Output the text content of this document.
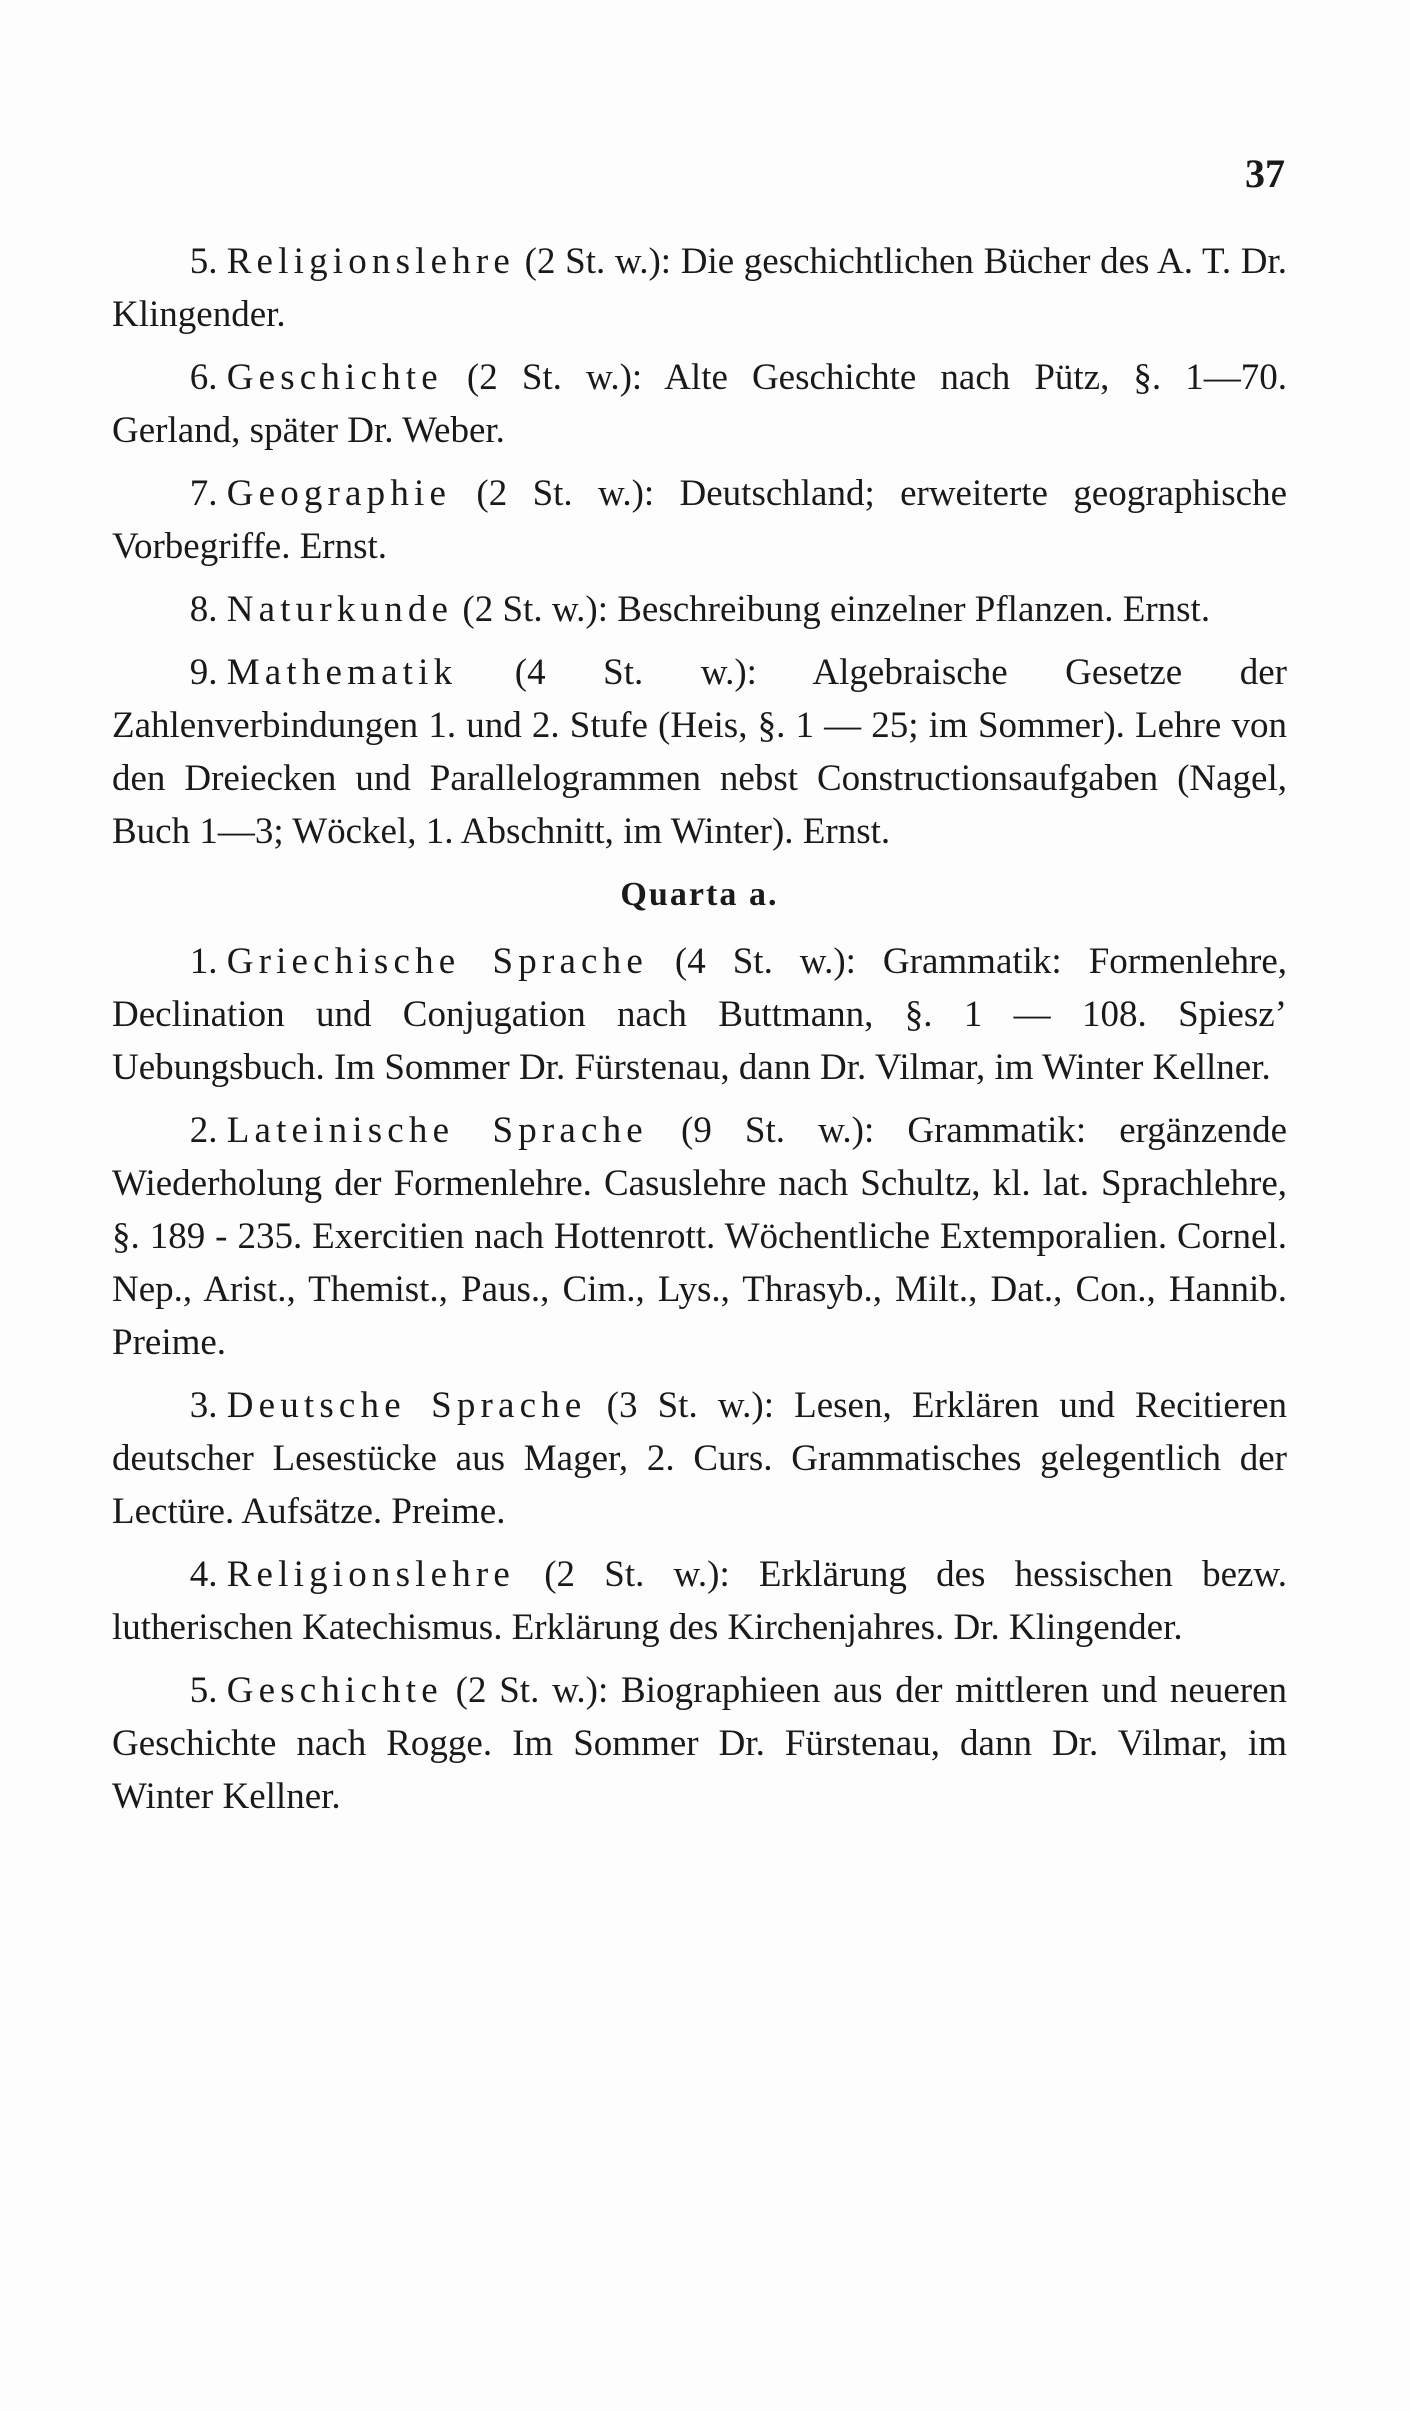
37

5. Religionslehre (2 St. w.): Die geschichtlichen Bücher des A. T. Dr. Klingender.

6. Geschichte (2 St. w.): Alte Geschichte nach Pütz, §. 1—70. Gerland, später Dr. Weber.

7. Geographie (2 St. w.): Deutschland; erweiterte geographische Vorbegriffe. Ernst.

8. Naturkunde (2 St. w.): Beschreibung einzelner Pflanzen. Ernst.

9. Mathematik (4 St. w.): Algebraische Gesetze der Zahlenverbindungen 1. und 2. Stufe (Heis, §. 1 — 25; im Sommer). Lehre von den Dreiecken und Parallelogrammen nebst Constructionsaufgaben (Nagel, Buch 1—3; Wöckel, 1. Abschnitt, im Winter). Ernst.

Quarta a.

1. Griechische Sprache (4 St. w.): Grammatik: Formenlehre, Declination und Conjugation nach Buttmann, §. 1 — 108. Spiesz’ Uebungsbuch. Im Sommer Dr. Fürstenau, dann Dr. Vilmar, im Winter Kellner.

2. Lateinische Sprache (9 St. w.): Grammatik: ergänzende Wiederholung der Formenlehre. Casuslehre nach Schultz, kl. lat. Sprachlehre, §. 189 - 235. Exercitien nach Hottenrott. Wöchentliche Extemporalien. Cornel. Nep., Arist., Themist., Paus., Cim., Lys., Thrasyb., Milt., Dat., Con., Hannib. Preime.

3. Deutsche Sprache (3 St. w.): Lesen, Erklären und Recitieren deutscher Lesestücke aus Mager, 2. Curs. Grammatisches gelegentlich der Lectüre. Aufsätze. Preime.

4. Religionslehre (2 St. w.): Erklärung des hessischen bezw. lutherischen Katechismus. Erklärung des Kirchenjahres. Dr. Klingender.

5. Geschichte (2 St. w.): Biographieen aus der mittleren und neueren Geschichte nach Rogge. Im Sommer Dr. Fürstenau, dann Dr. Vilmar, im Winter Kellner.
